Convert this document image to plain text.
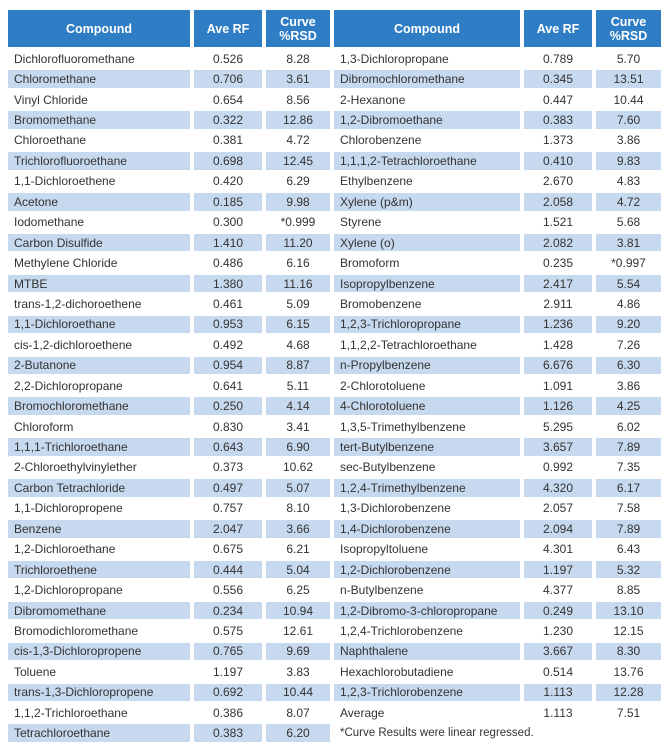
Compound	Ave RF	Curve %RSD
Dichlorofluoromethane	0.526	8.28
Chloromethane	0.706	3.61
Vinyl Chloride	0.654	8.56
Bromomethane	0.322	12.86
Chloroethane	0.381	4.72
Trichlorofluoroethane	0.698	12.45
1,1-Dichloroethene	0.420	6.29
Acetone	0.185	9.98
Iodomethane	0.300	*0.999
Carbon Disulfide	1.410	11.20
Methylene Chloride	0.486	6.16
MTBE	1.380	11.16
trans-1,2-dichoroethene	0.461	5.09
1,1-Dichloroethane	0.953	6.15
cis-1,2-dichloroethene	0.492	4.68
2-Butanone	0.954	8.87
2,2-Dichloropropane	0.641	5.11
Bromochloromethane	0.250	4.14
Chloroform	0.830	3.41
1,1,1-Trichloroethane	0.643	6.90
2-Chloroethylvinylether	0.373	10.62
Carbon Tetrachloride	0.497	5.07
1,1-Dichloropropene	0.757	8.10
Benzene	2.047	3.66
1,2-Dichloroethane	0.675	6.21
Trichloroethene	0.444	5.04
1,2-Dichloropropane	0.556	6.25
Dibromomethane	0.234	10.94
Bromodichloromethane	0.575	12.61
cis-1,3-Dichloropropene	0.765	9.69
Toluene	1.197	3.83
trans-1,3-Dichloropropene	0.692	10.44
1,1,2-Trichloroethane	0.386	8.07
Tetrachloroethane	0.383	6.20
Compound	Ave RF	Curve %RSD
1,3-Dichloropropane	0.789	5.70
Dibromochloromethane	0.345	13.51
2-Hexanone	0.447	10.44
1,2-Dibromoethane	0.383	7.60
Chlorobenzene	1.373	3.86
1,1,1,2-Tetrachloroethane	0.410	9.83
Ethylbenzene	2.670	4.83
Xylene (p&m)	2.058	4.72
Styrene	1.521	5.68
Xylene (o)	2.082	3.81
Bromoform	0.235	*0.997
Isopropylbenzene	2.417	5.54
Bromobenzene	2.911	4.86
1,2,3-Trichloropropane	1.236	9.20
1,1,2,2-Tetrachloroethane	1.428	7.26
n-Propylbenzene	6.676	6.30
2-Chlorotoluene	1.091	3.86
4-Chlorotoluene	1.126	4.25
1,3,5-Trimethylbenzene	5.295	6.02
tert-Butylbenzene	3.657	7.89
sec-Butylbenzene	0.992	7.35
1,2,4-Trimethylbenzene	4.320	6.17
1,3-Dichlorobenzene	2.057	7.58
1,4-Dichlorobenzene	2.094	7.89
Isopropyltoluene	4.301	6.43
1,2-Dichlorobenzene	1.197	5.32
n-Butylbenzene	4.377	8.85
1,2-Dibromo-3-chloropropane	0.249	13.10
1,2,4-Trichlorobenzene	1.230	12.15
Naphthalene	3.667	8.30
Hexachlorobutadiene	0.514	13.76
1,2,3-Trichlorobenzene	1.113	12.28
Average	1.113	7.51
*Curve Results were linear regressed.		
